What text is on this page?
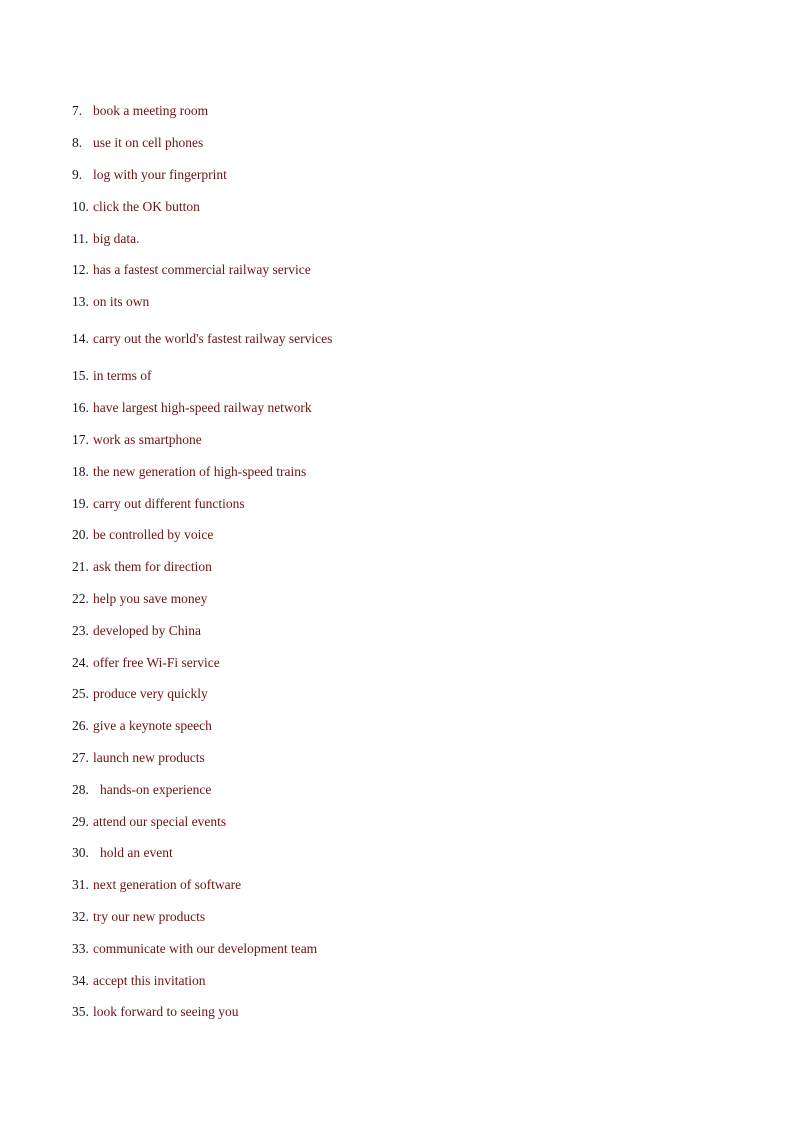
7. book a meeting room
8. use it on cell phones
9. log with your fingerprint
10. click the OK button
11. big data.
12. has a fastest commercial railway service
13. on its own
14. carry out the world's fastest railway services
15. in terms of
16. have largest high-speed railway network
17. work as smartphone
18. the new generation of high-speed trains
19. carry out different functions
20. be controlled by voice
21. ask them for direction
22. help you save money
23. developed by China
24. offer free Wi-Fi service
25. produce very quickly
26. give a keynote speech
27. launch new products
28. hands-on experience
29. attend our special events
30. hold an event
31. next generation of software
32. try our new products
33. communicate with our development team
34. accept this invitation
35. look forward to seeing you
